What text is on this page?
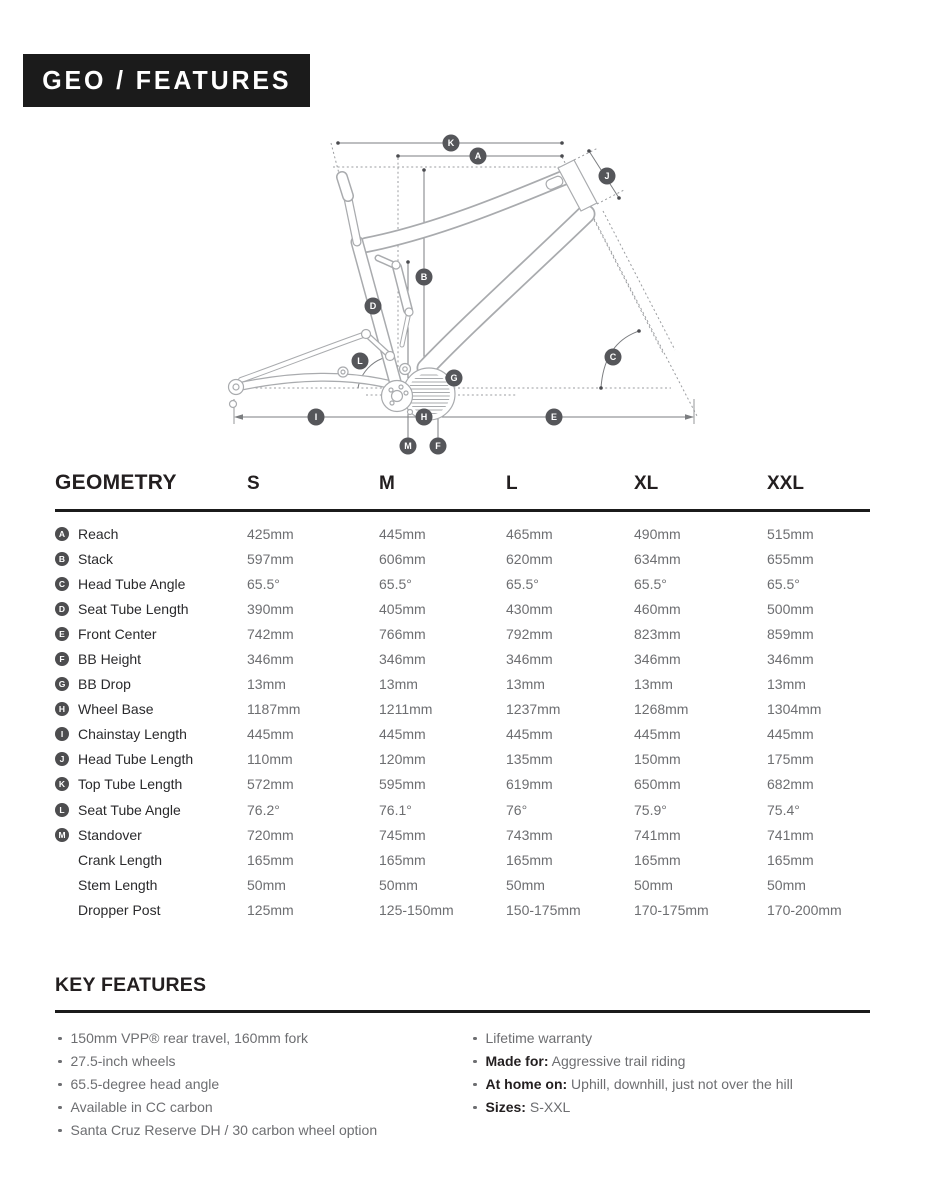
GEO / FEATURES
K
A
J
B
D
L	C
G
I	H	E
M	F
GEOMETRY	S	M	L	XL	XXL
A Reach	425mm	445mm	465mm	490mm	515mm
B Stack	597mm	606mm	620mm	634mm	655mm
C Head Tube Angle	65.5°	65.5°	65.5°	65.5°	65.5°
D Seat Tube Length	390mm	405mm	430mm	460mm	500mm
E Front Center	742mm	766mm	792mm	823mm	859mm
F BB Height	346mm	346mm	346mm	346mm	346mm
G BB Drop	13mm	13mm	13mm	13mm	13mm
H Wheel Base	1187mm	1211mm	1237mm	1268mm	1304mm
I	Chainstay Length	445mm	445mm	445mm	445mm	445mm
J Head Tube Length	110mm	120mm	135mm	150mm	175mm
K Top Tube Length	572mm	595mm	619mm	650mm	682mm
L Seat Tube Angle	76.2°	76.1°	76°	75.9°	75.4°
M Standover	720mm	745mm	743mm	741mm	741mm
Crank Length	165mm	165mm	165mm	165mm	165mm
Stem Length	50mm	50mm	50mm	50mm	50mm
Dropper Post	125mm	125-150mm	150-175mm	170-175mm	170-200mm
KEY FEATURES
150mm VPP® rear travel, 160mm fork
27.5-inch wheels
65.5-degree head angle
Available in CC carbon
Santa Cruz Reserve DH / 30 carbon wheel option
Lifetime warranty
Made for: Aggressive trail riding
At home on: Uphill, downhill, just not over the hill
Sizes: S-XXL
